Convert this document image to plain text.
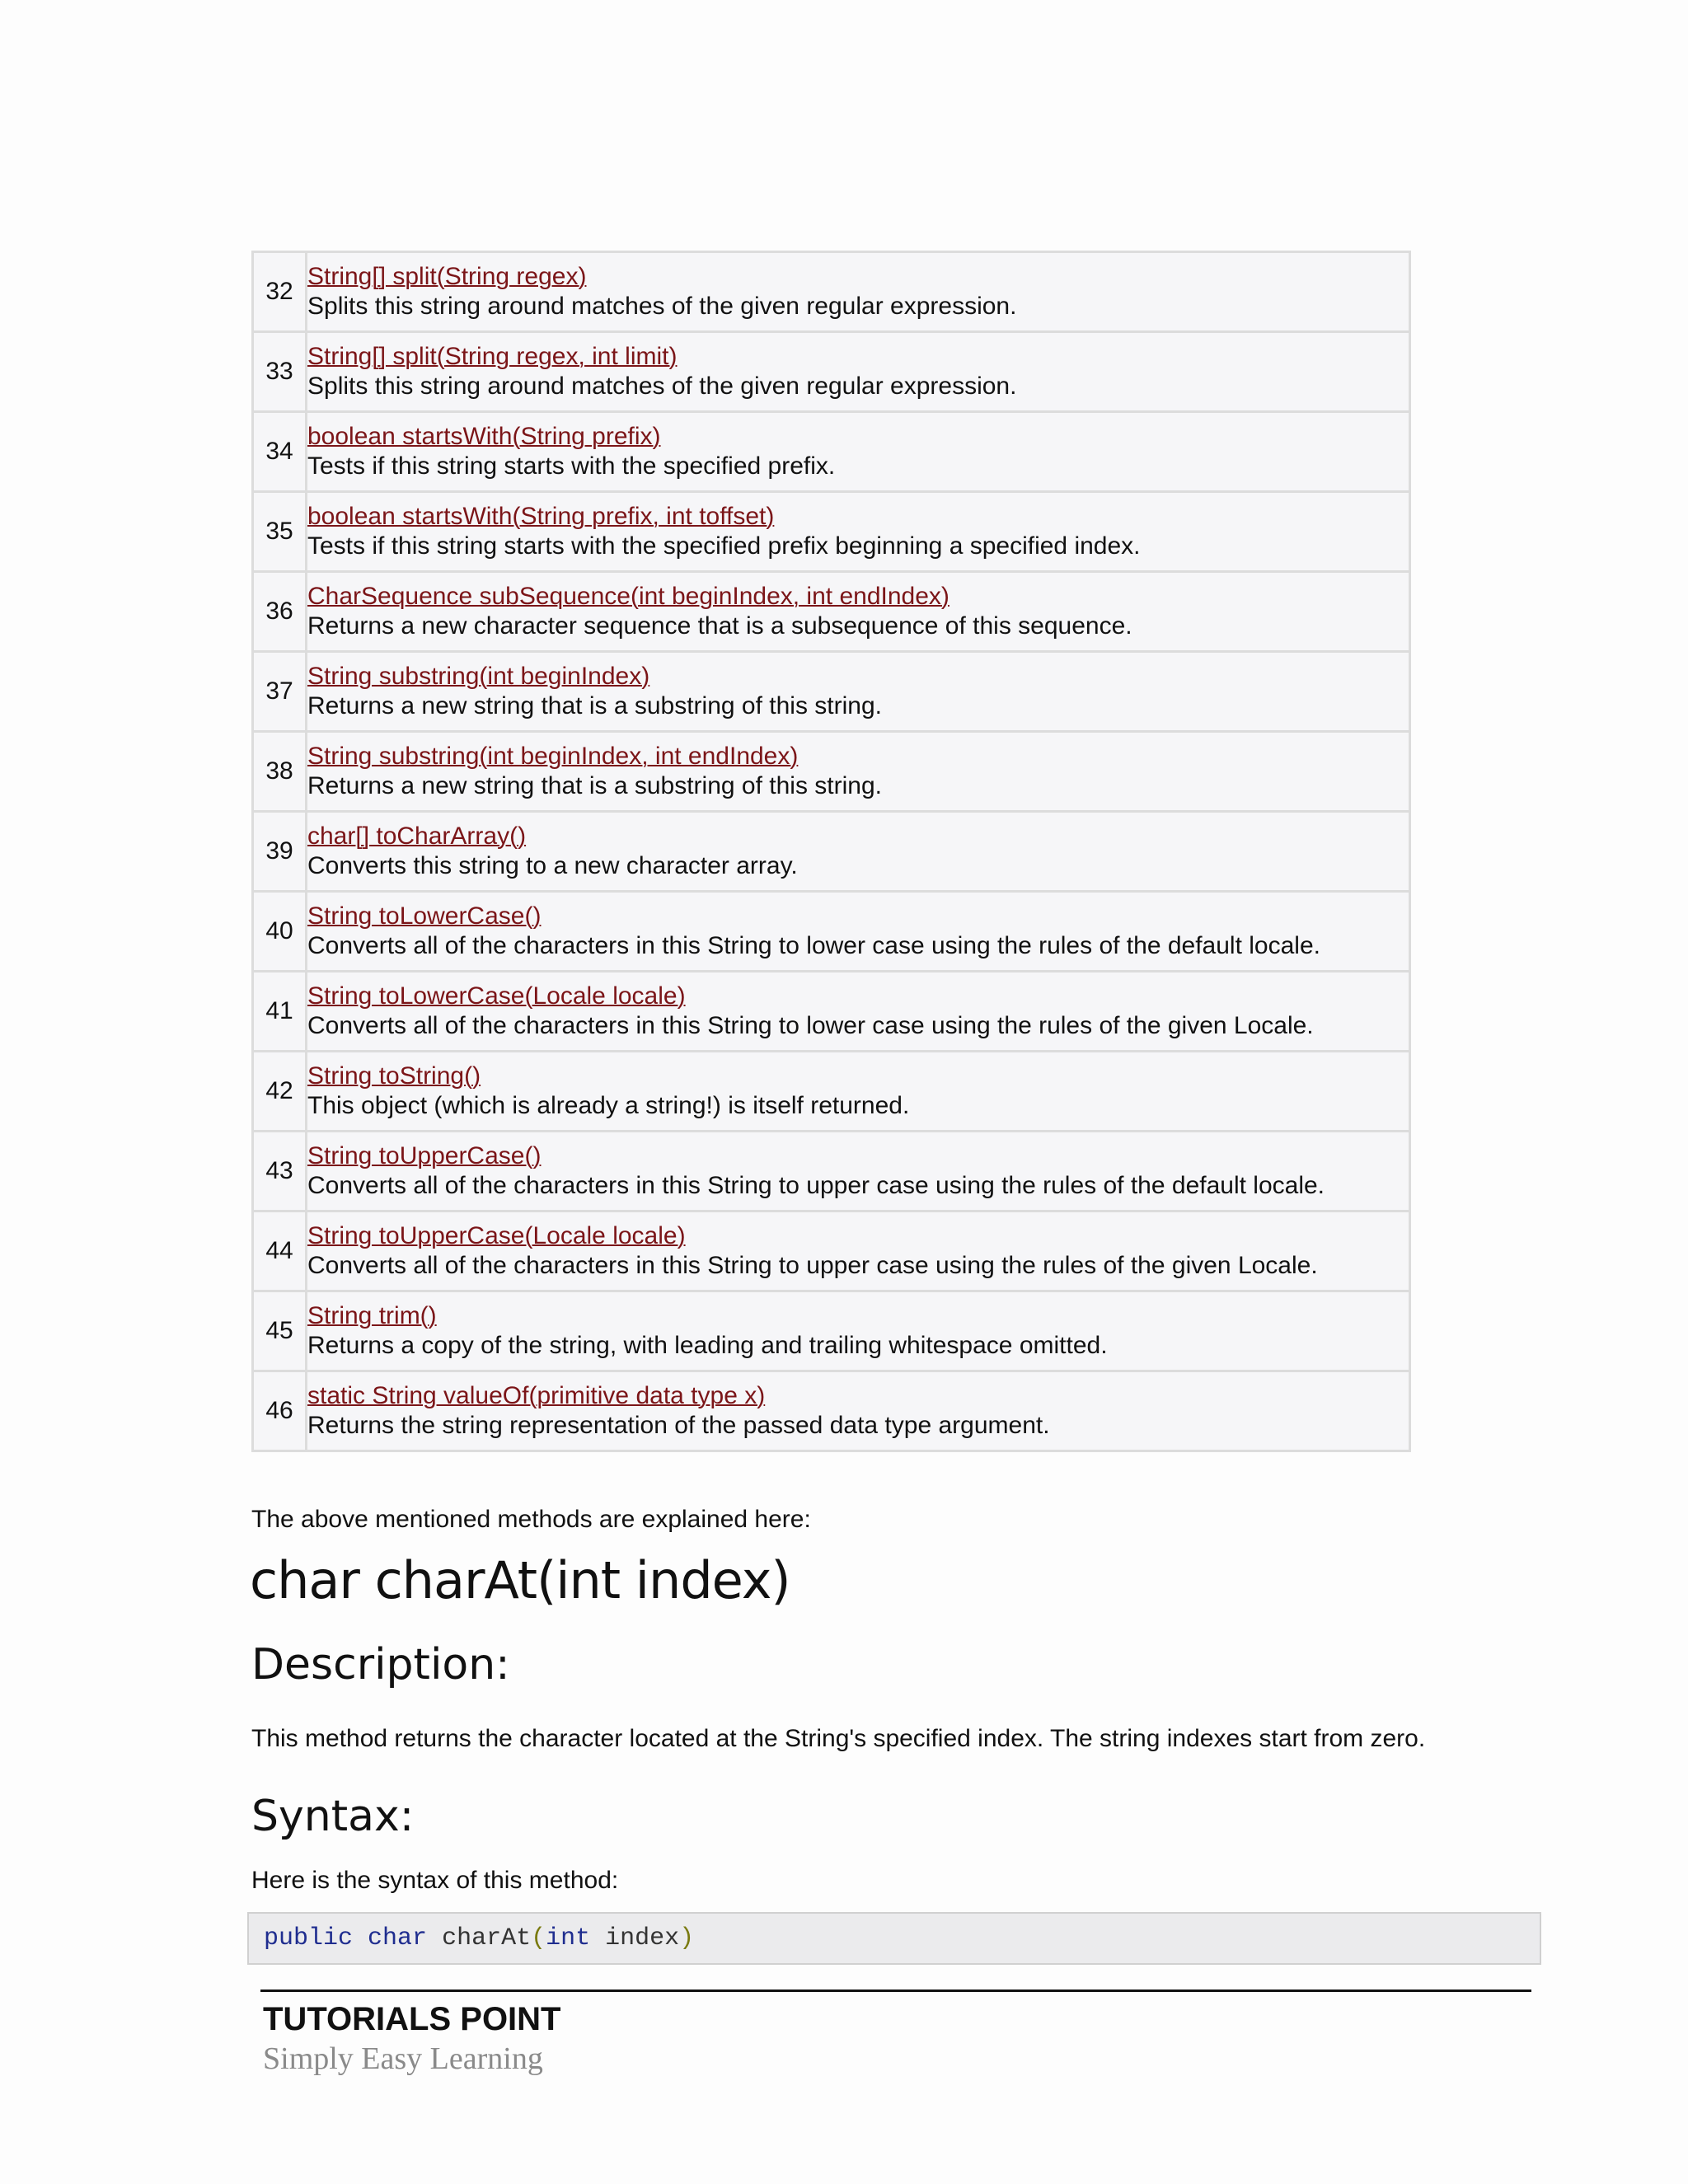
32	String[] split(String regex)
Splits this string around matches of the given regular expression.

33	String[] split(String regex, int limit)
Splits this string around matches of the given regular expression.

34	boolean startsWith(String prefix)
Tests if this string starts with the specified prefix.

35	boolean startsWith(String prefix, int toffset)
Tests if this string starts with the specified prefix beginning a specified index.

36	CharSequence subSequence(int beginIndex, int endIndex)
Returns a new character sequence that is a subsequence of this sequence.

37	String substring(int beginIndex)
Returns a new string that is a substring of this string.

38	String substring(int beginIndex, int endIndex)
Returns a new string that is a substring of this string.

39	char[] toCharArray()
Converts this string to a new character array.

40	String toLowerCase()
Converts all of the characters in this String to lower case using the rules of the default locale.

41	String toLowerCase(Locale locale)
Converts all of the characters in this String to lower case using the rules of the given Locale.

42	String toString()
This object (which is already a string!) is itself returned.

43	String toUpperCase()
Converts all of the characters in this String to upper case using the rules of the default locale.

44	String toUpperCase(Locale locale)
Converts all of the characters in this String to upper case using the rules of the given Locale.

45	String trim()
Returns a copy of the string, with leading and trailing whitespace omitted.

46	static String valueOf(primitive data type x)
Returns the string representation of the passed data type argument.
The above mentioned methods are explained here:
char charAt(int index)
Description:
This method returns the character located at the String's specified index. The string indexes start from zero.
Syntax:
Here is the syntax of this method:
public char charAt(int index)
TUTORIALS POINT
Simply Easy Learning
